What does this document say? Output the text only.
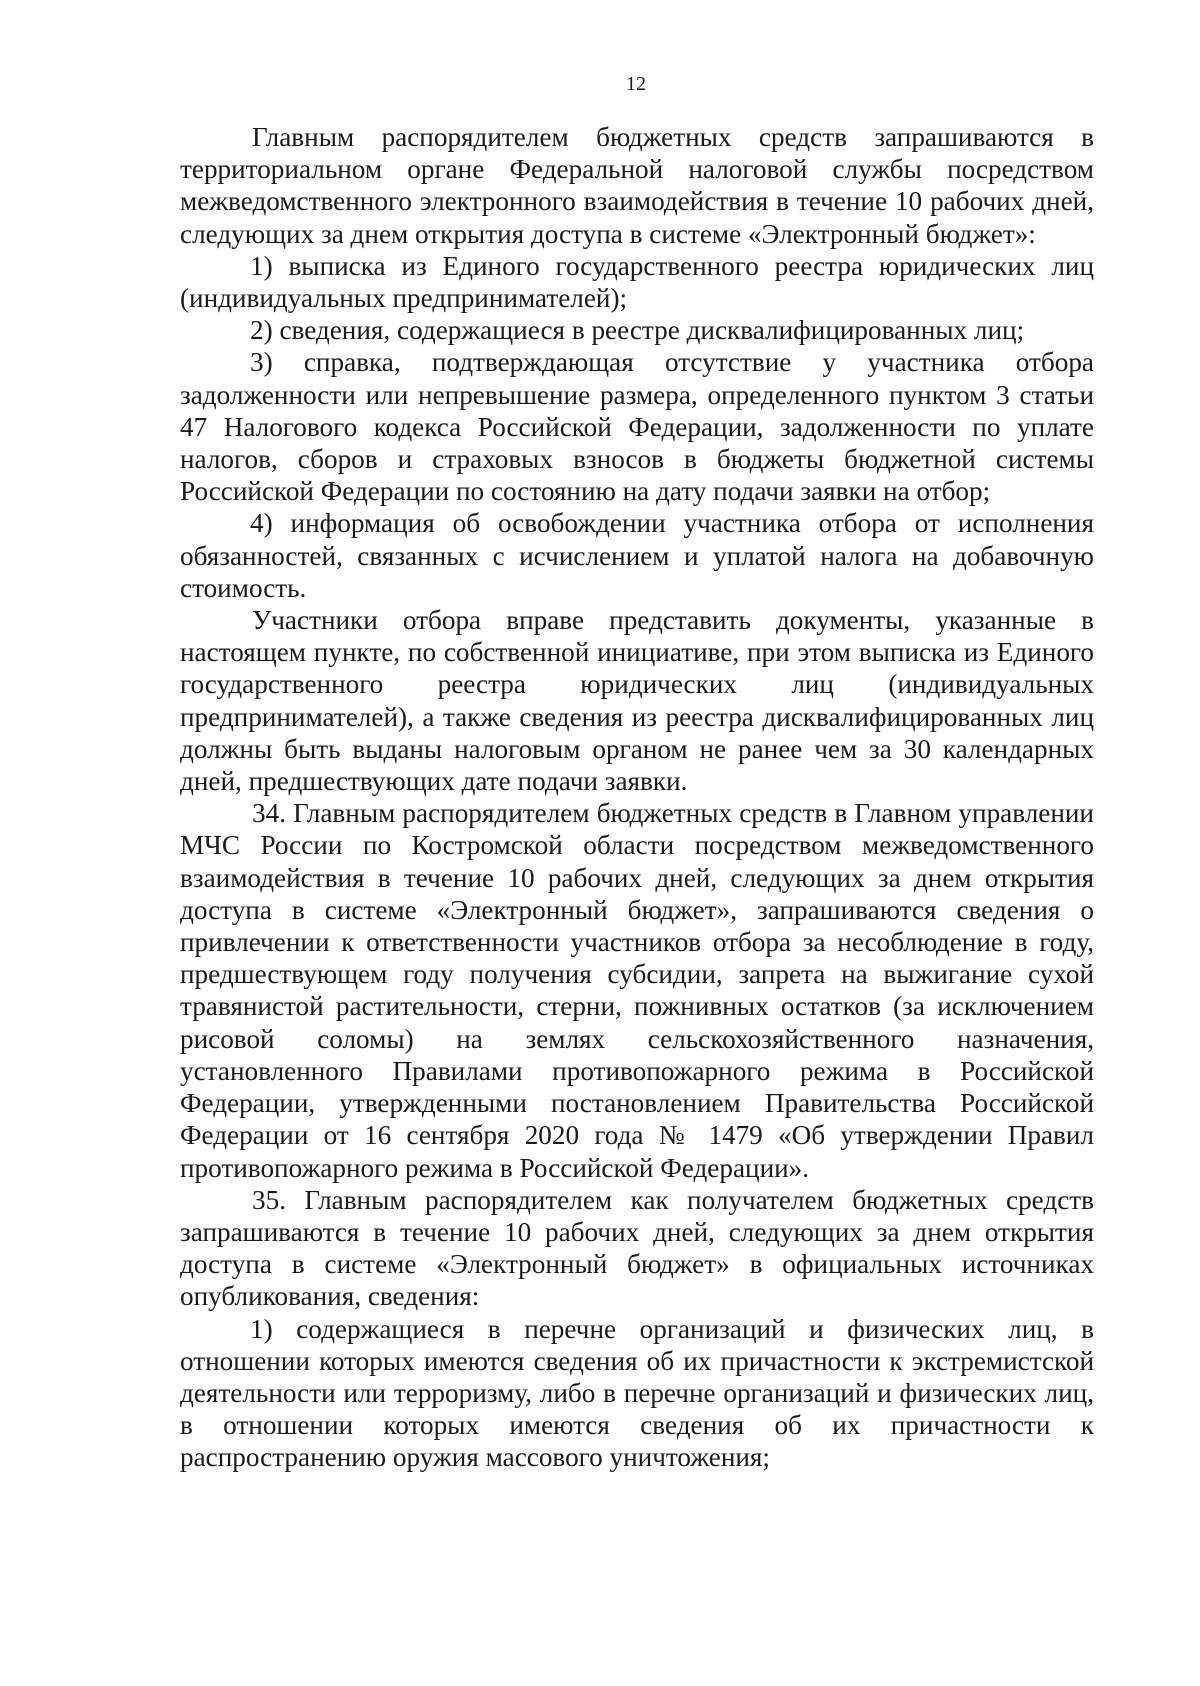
12

Главным распорядителем бюджетных средств запрашиваются в территориальном органе Федеральной налоговой службы посредством межведомственного электронного взаимодействия в течение 10 рабочих дней, следующих за днем открытия доступа в системе «Электронный бюджет»:

1) выписка из Единого государственного реестра юридических лиц (индивидуальных предпринимателей);

2) сведения, содержащиеся в реестре дисквалифицированных лиц;

3) справка, подтверждающая отсутствие у участника отбора задолженности или непревышение размера, определенного пунктом 3 статьи 47 Налогового кодекса Российской Федерации, задолженности по уплате налогов, сборов и страховых взносов в бюджеты бюджетной системы Российской Федерации по состоянию на дату подачи заявки на отбор;

4) информация об освобождении участника отбора от исполнения обязанностей, связанных с исчислением и уплатой налога на добавочную стоимость.

Участники отбора вправе представить документы, указанные в настоящем пункте, по собственной инициативе, при этом выписка из Единого государственного реестра юридических лиц (индивидуальных предпринимателей), а также сведения из реестра дисквалифицированных лиц должны быть выданы налоговым органом не ранее чем за 30 календарных дней, предшествующих дате подачи заявки.

34. Главным распорядителем бюджетных средств в Главном управлении МЧС России по Костромской области посредством межведомственного взаимодействия в течение 10 рабочих дней, следующих за днем открытия доступа в системе «Электронный бюджет», запрашиваются сведения о привлечении к ответственности участников отбора за несоблюдение в году, предшествующем году получения субсидии, запрета на выжигание сухой травянистой растительности, стерни, пожнивных остатков (за исключением рисовой соломы) на землях сельскохозяйственного назначения, установленного Правилами противопожарного режима в Российской Федерации, утвержденными постановлением Правительства Российской Федерации от 16 сентября 2020 года № 1479 «Об утверждении Правил противопожарного режима в Российской Федерации».

35. Главным распорядителем как получателем бюджетных средств запрашиваются в течение 10 рабочих дней, следующих за днем открытия доступа в системе «Электронный бюджет» в официальных источниках опубликования, сведения:

1) содержащиеся в перечне организаций и физических лиц, в отношении которых имеются сведения об их причастности к экстремистской деятельности или терроризму, либо в перечне организаций и физических лиц, в отношении которых имеются сведения об их причастности к распространению оружия массового уничтожения;
